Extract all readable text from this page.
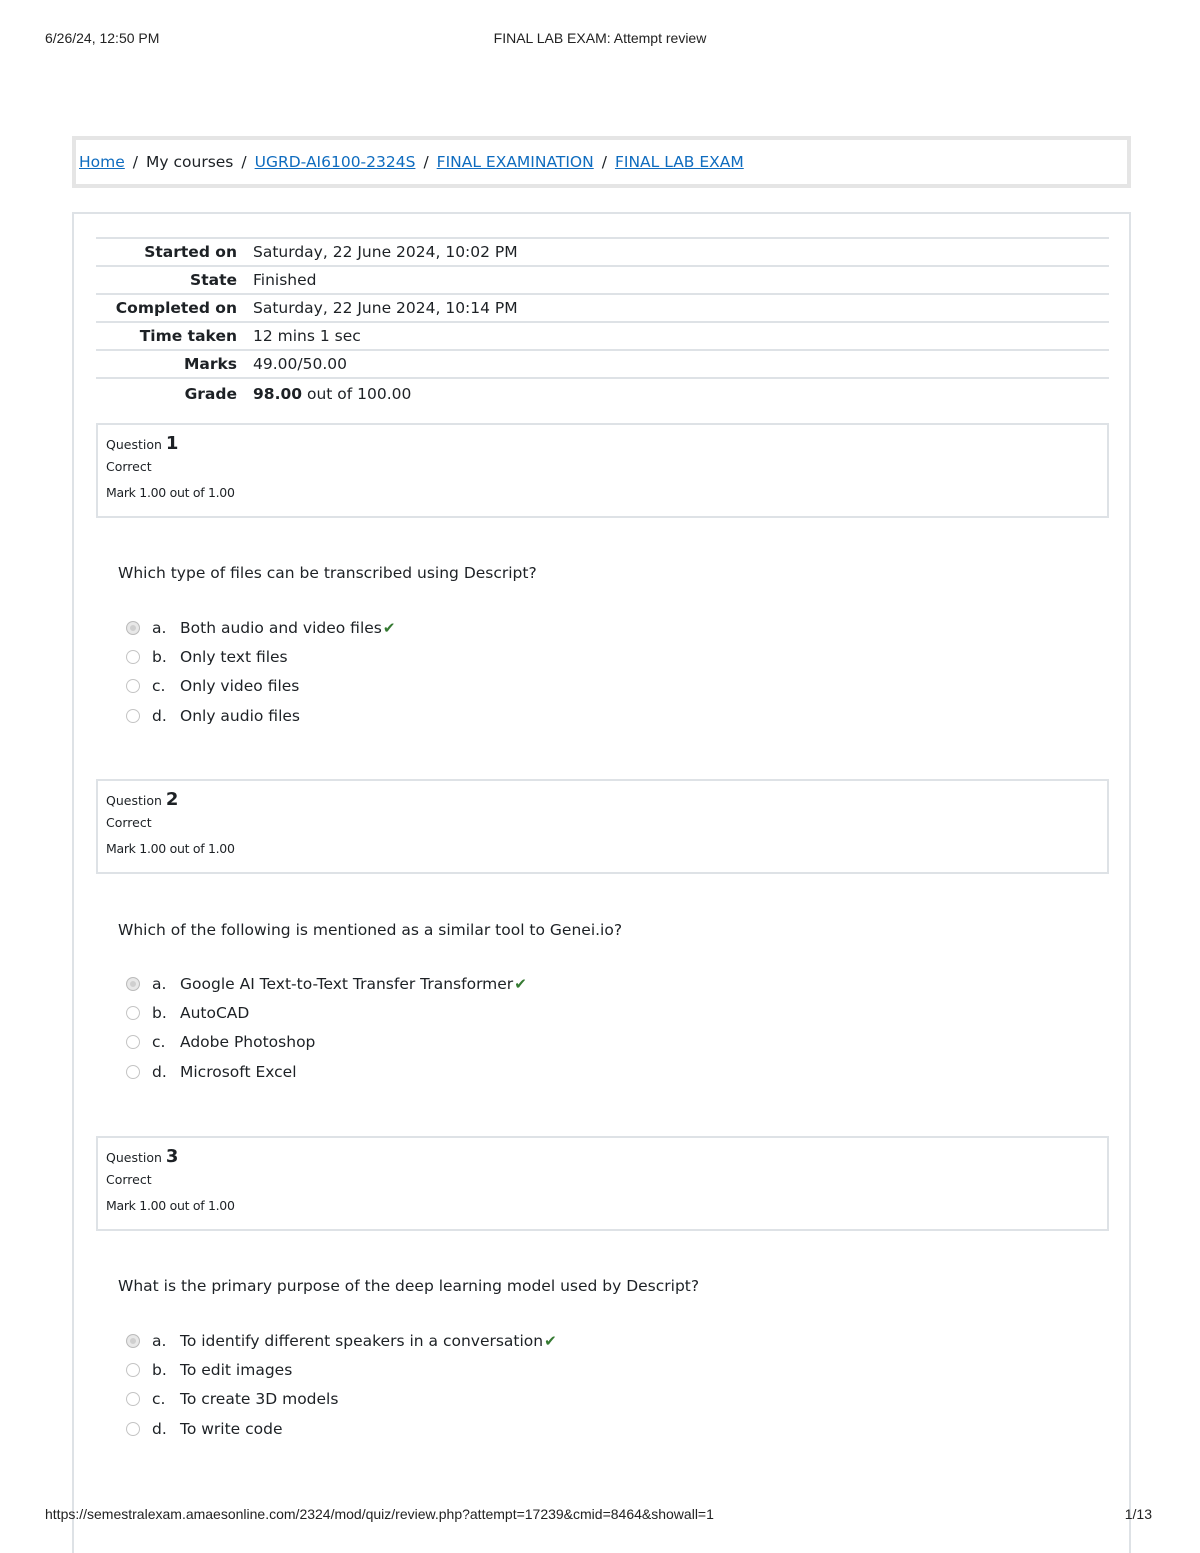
6/26/24, 12:50 PM	FINAL LAB EXAM: Attempt review
Home / My courses / UGRD-AI6100-2324S / FINAL EXAMINATION / FINAL LAB EXAM
Started on	Saturday, 22 June 2024, 10:02 PM
State	Finished
Completed on	Saturday, 22 June 2024, 10:14 PM
Time taken	12 mins 1 sec
Marks	49.00/50.00
Grade	98.00 out of 100.00
Question 1
Correct
Mark 1.00 out of 1.00
Which type of files can be transcribed using Descript?
a. Both audio and video files ✔
b. Only text files
c. Only video files
d. Only audio files
Question 2
Correct
Mark 1.00 out of 1.00
Which of the following is mentioned as a similar tool to Genei.io?
a. Google AI Text-to-Text Transfer Transformer ✔
b. AutoCAD
c. Adobe Photoshop
d. Microsoft Excel
Question 3
Correct
Mark 1.00 out of 1.00
What is the primary purpose of the deep learning model used by Descript?
a. To identify different speakers in a conversation ✔
b. To edit images
c. To create 3D models
d. To write code
https://semestralexam.amaesonline.com/2324/mod/quiz/review.php?attempt=17239&cmid=8464&showall=1	1/13
